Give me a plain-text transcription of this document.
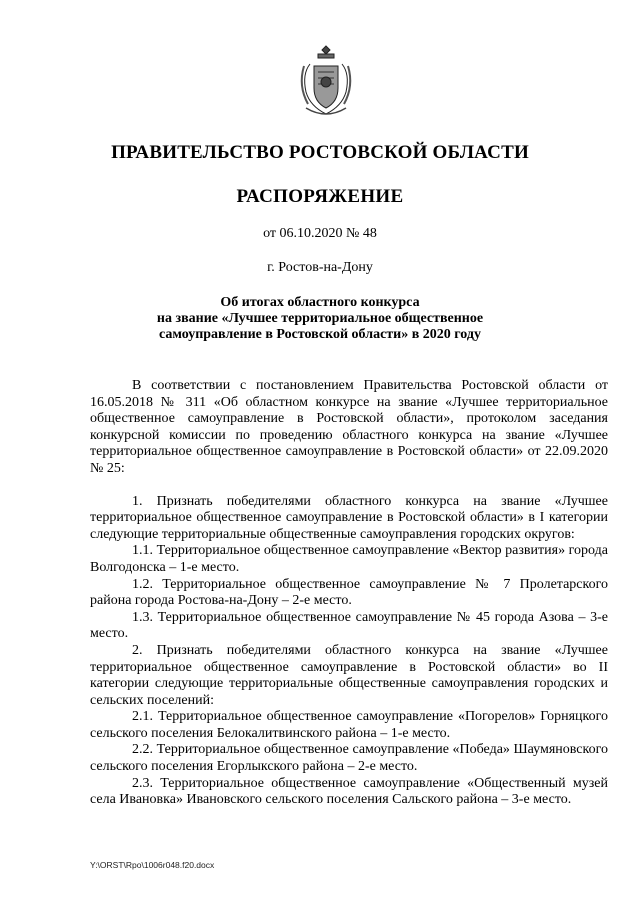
ПРАВИТЕЛЬСТВО РОСТОВСКОЙ ОБЛАСТИ
РАСПОРЯЖЕНИЕ
от 06.10.2020 № 48
г. Ростов-на-Дону
Об итогах областного конкурса
на звание «Лучшее территориальное общественное
самоуправление в Ростовской области» в 2020 году

В соответствии с постановлением Правительства Ростовской области от 16.05.2018 № 311 «Об областном конкурсе на звание «Лучшее территориальное общественное самоуправление в Ростовской области», протоколом заседания конкурсной комиссии по проведению областного конкурса на звание «Лучшее территориальное общественное самоуправление в Ростовской области» от 22.09.2020 № 25:

1. Признать победителями областного конкурса на звание «Лучшее территориальное общественное самоуправление в Ростовской области» в I категории следующие территориальные общественные самоуправления городских округов:

1.1. Территориальное общественное самоуправление «Вектор развития» города Волгодонска – 1-е место.

1.2. Территориальное общественное самоуправление № 7 Пролетарского района города Ростова-на-Дону – 2-е место.

1.3. Территориальное общественное самоуправление № 45 города Азова – 3-е место.

2. Признать победителями областного конкурса на звание «Лучшее территориальное общественное самоуправление в Ростовской области» во II категории следующие территориальные общественные самоуправления городских и сельских поселений:

2.1. Территориальное общественное самоуправление «Погорелов» Горняцкого сельского поселения Белокалитвинского района – 1-е место.

2.2. Территориальное общественное самоуправление «Победа» Шаумяновского сельского поселения Егорлыкского района – 2-е место.

2.3. Территориальное общественное самоуправление «Общественный музей села Ивановка» Ивановского сельского поселения Сальского района – 3-е место.

Y:\ORST\Rpo\1006r048.f20.docx
